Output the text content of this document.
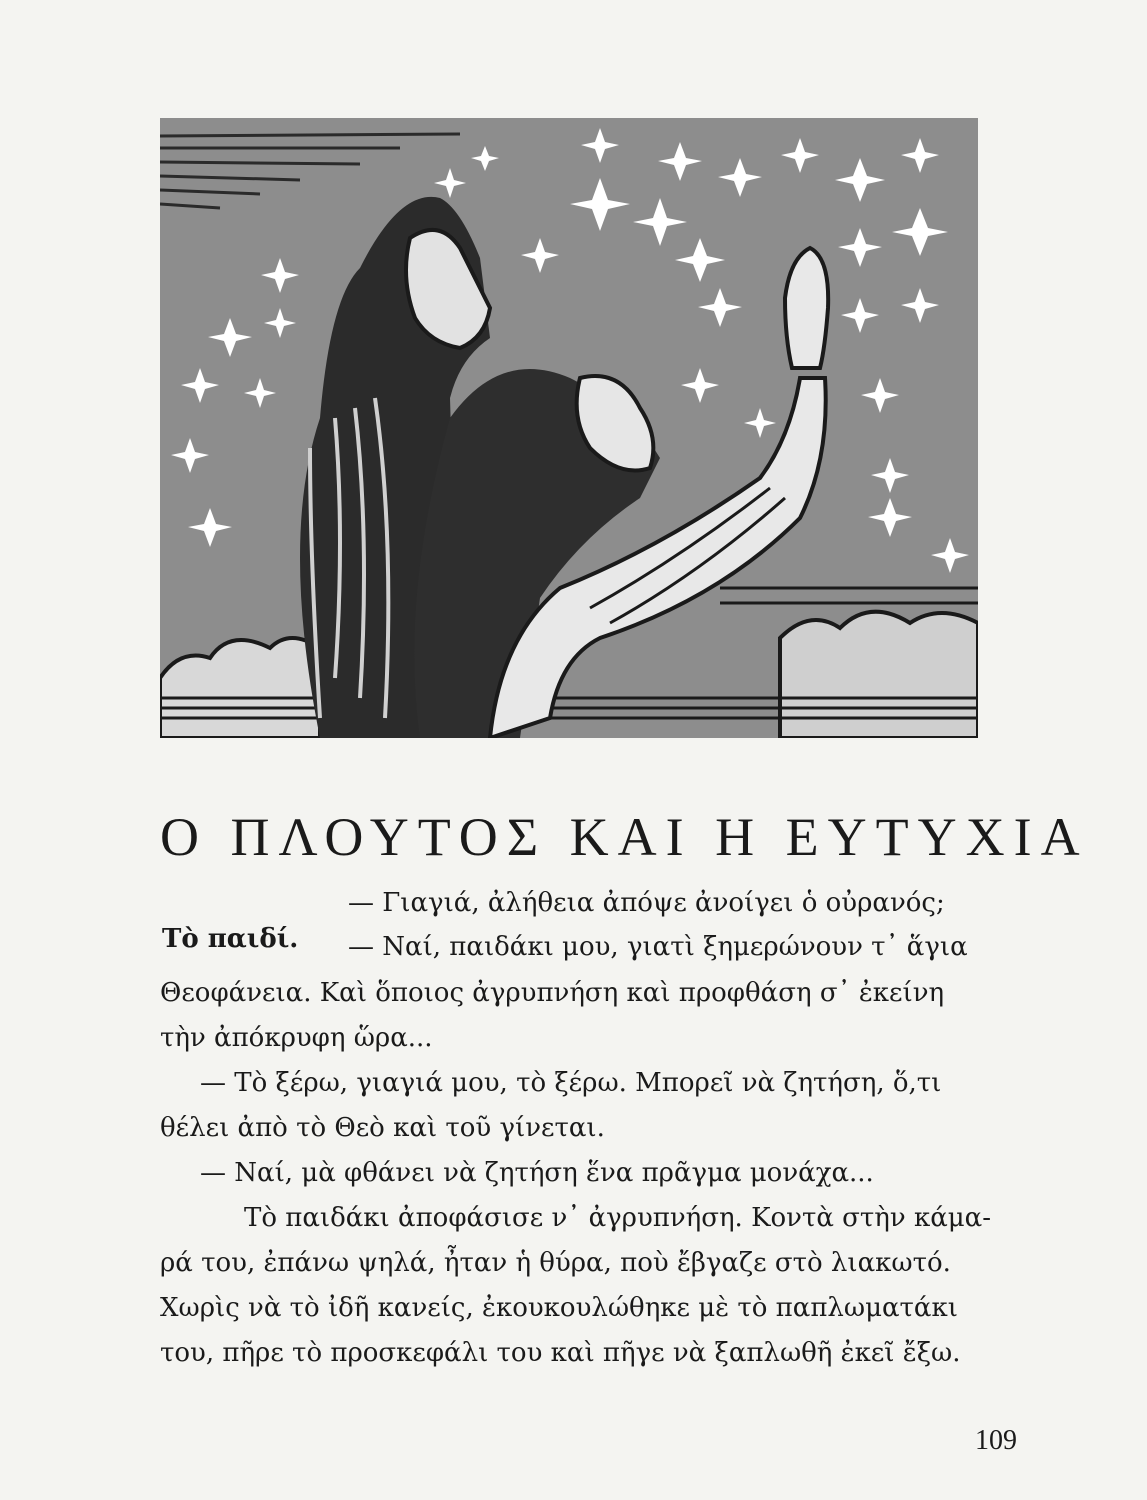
Ο ΠΛΟΥΤΟΣ ΚΑΙ Η ΕΥΤΥΧΙΑ
Τὸ παιδί.
— Γιαγιά, ἀλήθεια ἀπόψε ἀνοίγει ὁ οὐρανός;
— Ναί, παιδάκι μου, γιατὶ ξημερώνουν τ᾽ ἅγια
Θεοφάνεια. Καὶ ὅποιος ἀγρυπνήση καὶ προφθάση σ᾽ ἐκείνη
τὴν ἀπόκρυφη ὥρα...
— Τὸ ξέρω, γιαγιά μου, τὸ ξέρω. Μπορεῖ νὰ ζητήση, ὅ,τι
θέλει ἀπὸ τὸ Θεὸ καὶ τοῦ γίνεται.
— Ναί, μὰ φθάνει νὰ ζητήση ἕνα πρᾶγμα μονάχα...
Τὸ παιδάκι ἀποφάσισε ν᾽ ἀγρυπνήση. Κοντὰ στὴν κάμα-
ρά του, ἐπάνω ψηλά, ἦταν ἡ θύρα, ποὺ ἔβγαζε στὸ λιακωτό.
Χωρὶς νὰ τὸ ἰδῆ κανείς, ἐκουκουλώθηκε μὲ τὸ παπλωματάκι
του, πῆρε τὸ προσκεφάλι του καὶ πῆγε νὰ ξαπλωθῆ ἐκεῖ ἔξω.
109
